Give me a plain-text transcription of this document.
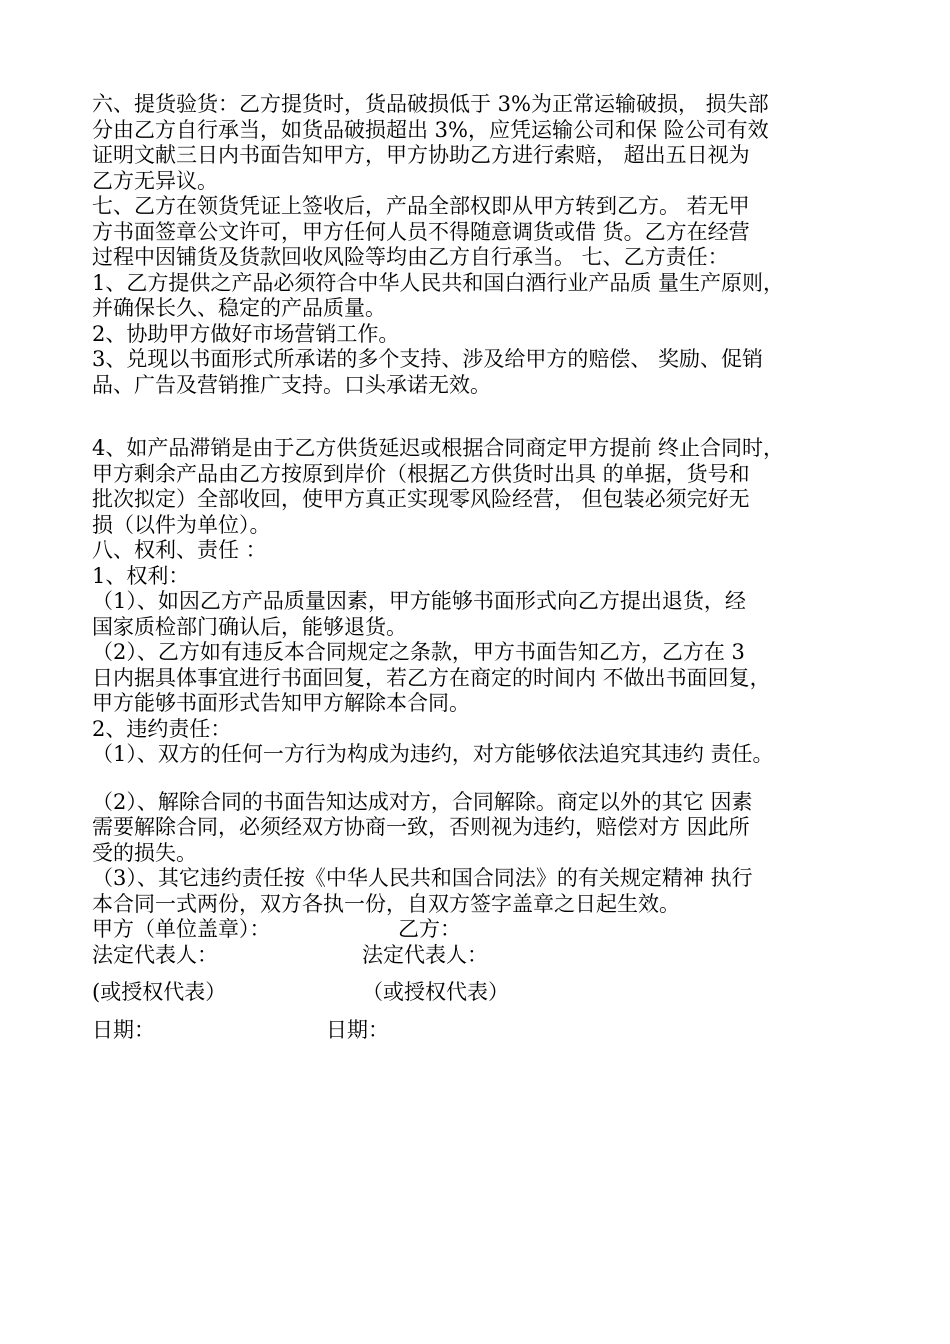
六、提货验货：乙方提货时，货品破损低于 3%为正常运输破损， 损失部
分由乙方自行承当，如货品破损超出 3%，应凭运输公司和保 险公司有效
证明文献三日内书面告知甲方，甲方协助乙方进行索赔， 超出五日视为
乙方无异议。
七、乙方在领货凭证上签收后，产品全部权即从甲方转到乙方。 若无甲
方书面签章公文许可，甲方任何人员不得随意调货或借 货。乙方在经营
过程中因铺货及货款回收风险等均由乙方自行承当。 七、乙方责任：
1、乙方提供之产品必须符合中华人民共和国白酒行业产品质 量生产原则，
并确保长久、稳定的产品质量。
2、协助甲方做好市场营销工作。
3、兑现以书面形式所承诺的多个支持、涉及给甲方的赔偿、 奖励、促销
品、广告及营销推广支持。口头承诺无效。
4、如产品滞销是由于乙方供货延迟或根据合同商定甲方提前 终止合同时，
甲方剩余产品由乙方按原到岸价（根据乙方供货时出具 的单据，货号和
批次拟定）全部收回，使甲方真正实现零风险经营， 但包装必须完好无
损（以件为单位）。
八、权利、责任 ：
1、权利：
（1）、如因乙方产品质量因素，甲方能够书面形式向乙方提出退货，经
国家质检部门确认后，能够退货。
（2）、乙方如有违反本合同规定之条款，甲方书面告知乙方，乙方在 3
日内据具体事宜进行书面回复，若乙方在商定的时间内 不做出书面回复，
甲方能够书面形式告知甲方解除本合同。
2、违约责任：
（1）、双方的任何一方行为构成为违约，对方能够依法追究其违约 责任。
（2）、解除合同的书面告知达成对方，合同解除。商定以外的其它 因素
需要解除合同，必须经双方协商一致，否则视为违约，赔偿对方 因此所
受的损失。
（3）、其它违约责任按《中华人民共和国合同法》的有关规定精神 执行
本合同一式两份，双方各执一份，自双方签字盖章之日起生效。
甲方（单位盖章）：	乙方：
法定代表人：	法定代表人：
(或授权代表）	（或授权代表）
日期：	日期：
